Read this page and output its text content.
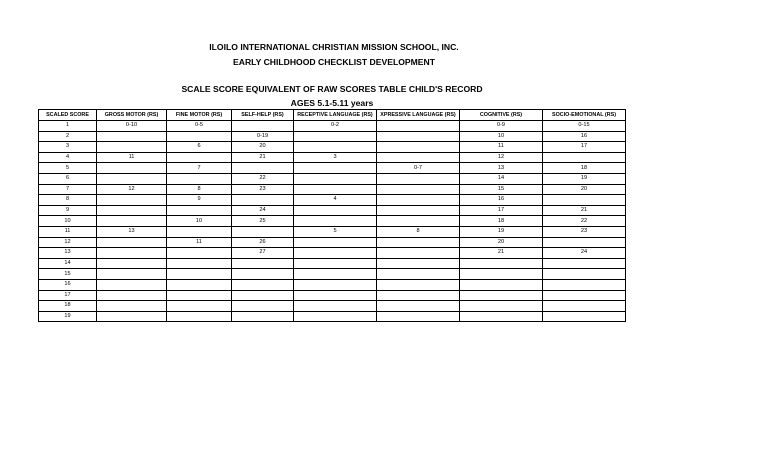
ILOILO INTERNATIONAL CHRISTIAN MISSION SCHOOL, INC.
EARLY CHILDHOOD CHECKLIST DEVELOPMENT
SCALE SCORE EQUIVALENT OF RAW SCORES TABLE CHILD'S RECORD
AGES 5.1-5.11 years
SCALED SCORE	GROSS MOTOR (RS)	FINE MOTOR (RS)	SELF-HELP (RS)	RECEPTIVE LANGUAGE (RS)	XPRESSIVE LANGUAGE (RS)	COGNITIVE (RS)	SOCIO-EMOTIONAL (RS)
1	0-10	0-5		0-2		0-9	0-15
2			0-19			10	16
3		6	20			11	17
4	11		21	3		12	
5		7			0-7	13	18
6			22			14	19
7	12	8	23			15	20
8		9		4		16	
9			24			17	21
10		10	25			18	22
11	13			5	8	19	23
12		11	26			20	
13			27			21	24
14							
15							
16							
17							
18							
19							
